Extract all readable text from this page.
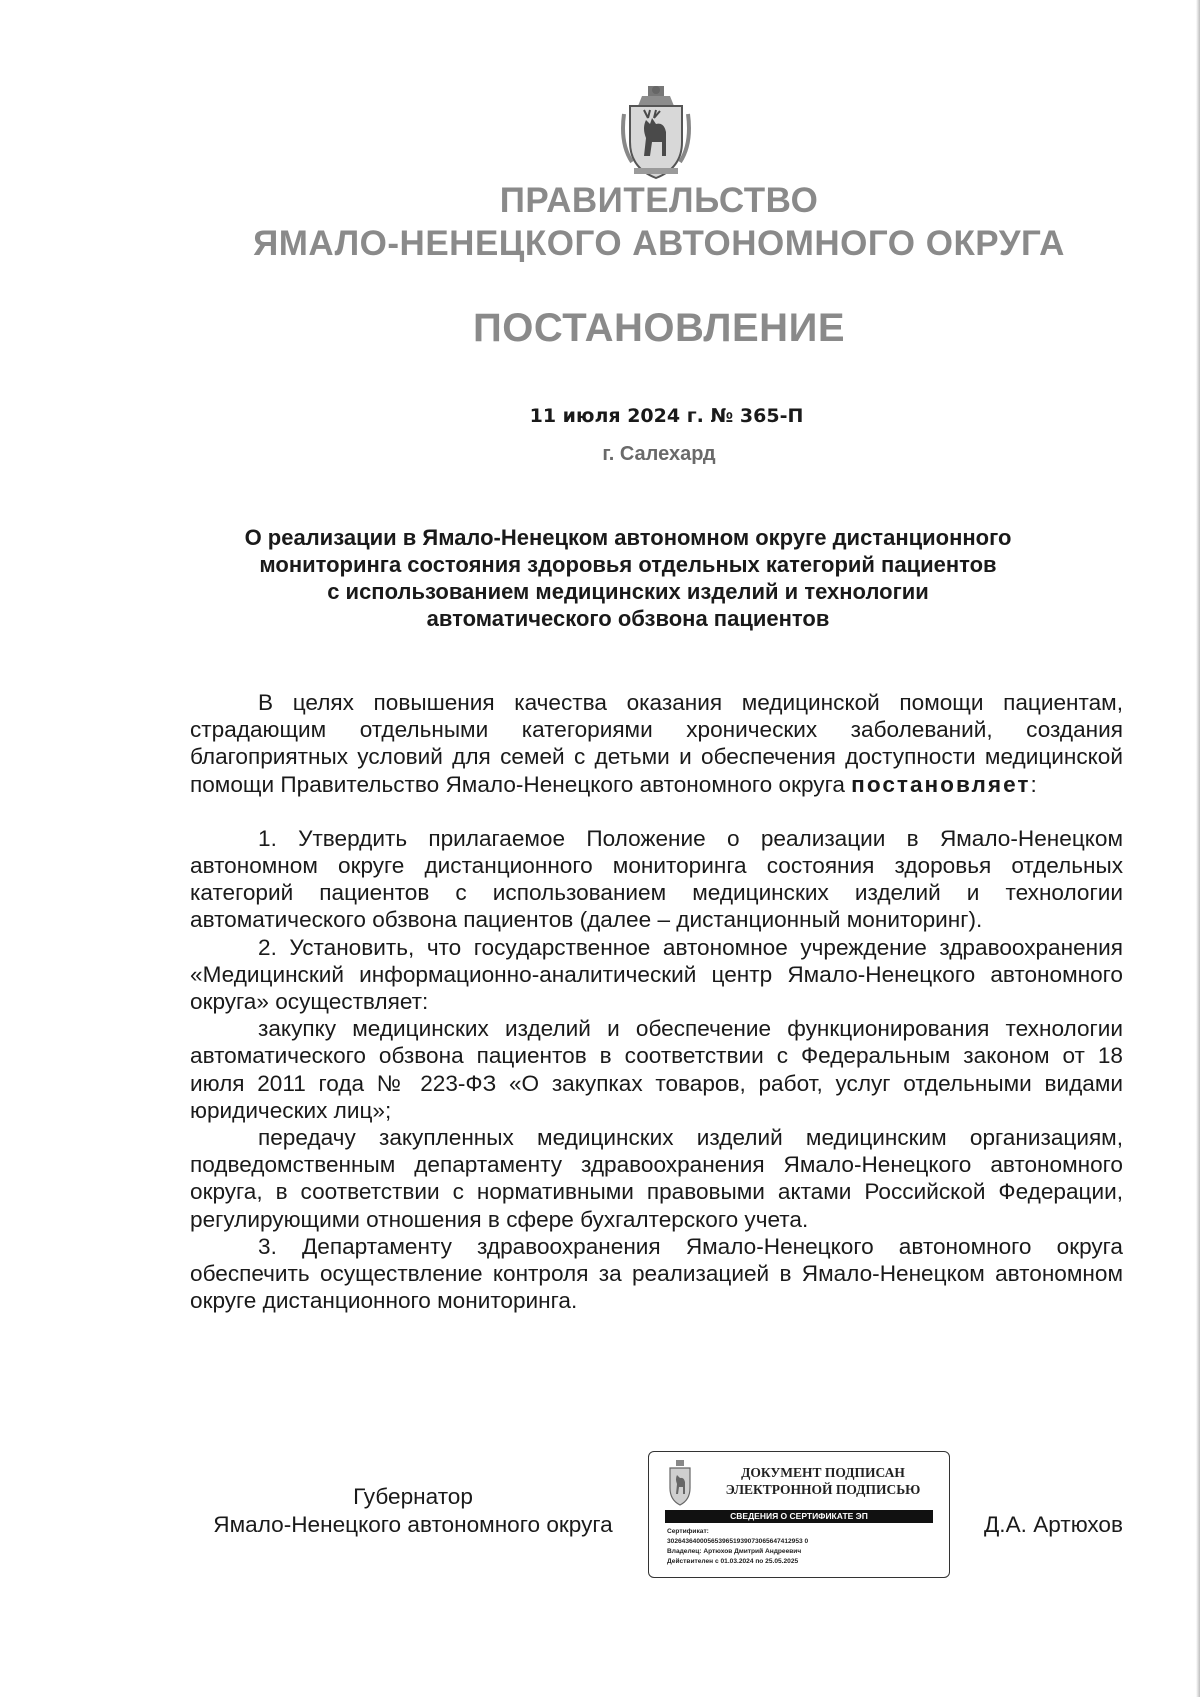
ПРАВИТЕЛЬСТВО
ЯМАЛО-НЕНЕЦКОГО АВТОНОМНОГО ОКРУГА
ПОСТАНОВЛЕНИЕ
11 июля 2024 г. № 365-П
г. Салехард
О реализации в Ямало-Ненецком автономном округе дистанционного
мониторинга состояния здоровья отдельных категорий пациентов
с использованием медицинских изделий и технологии
автоматического обзвона пациентов

В целях повышения качества оказания медицинской помощи пациентам, страдающим отдельными категориями хронических заболеваний, создания благоприятных условий для семей с детьми и обеспечения доступности медицинской помощи Правительство Ямало-Ненецкого автономного округа постановляет:

1. Утвердить прилагаемое Положение о реализации в Ямало-Ненецком автономном округе дистанционного мониторинга состояния здоровья отдельных категорий пациентов с использованием медицинских изделий и технологии автоматического обзвона пациентов (далее – дистанционный мониторинг).

2. Установить, что государственное автономное учреждение здравоохранения «Медицинский информационно-аналитический центр Ямало-Ненецкого автономного округа» осуществляет:

закупку медицинских изделий и обеспечение функционирования технологии автоматического обзвона пациентов в соответствии с Федеральным законом от 18 июля 2011 года № 223-ФЗ «О закупках товаров, работ, услуг отдельными видами юридических лиц»;

передачу закупленных медицинских изделий медицинским организациям, подведомственным департаменту здравоохранения Ямало-Ненецкого автономного округа, в соответствии с нормативными правовыми актами Российской Федерации, регулирующими отношения в сфере бухгалтерского учета.

3. Департаменту здравоохранения Ямало-Ненецкого автономного округа обеспечить осуществление контроля за реализацией в Ямало-Ненецком автономном округе дистанционного мониторинга.

Губернатор
Ямало-Ненецкого автономного округа
ДОКУМЕНТ ПОДПИСАН
ЭЛЕКТРОННОЙ ПОДПИСЬЮ
СВЕДЕНИЯ О СЕРТИФИКАТЕ ЭП
Сертификат:
3026436400056539651939073065647412953 0
Владелец: Артюхов Дмитрий Андреевич
Действителен с 01.03.2024 по 25.05.2025
Д.А. Артюхов
